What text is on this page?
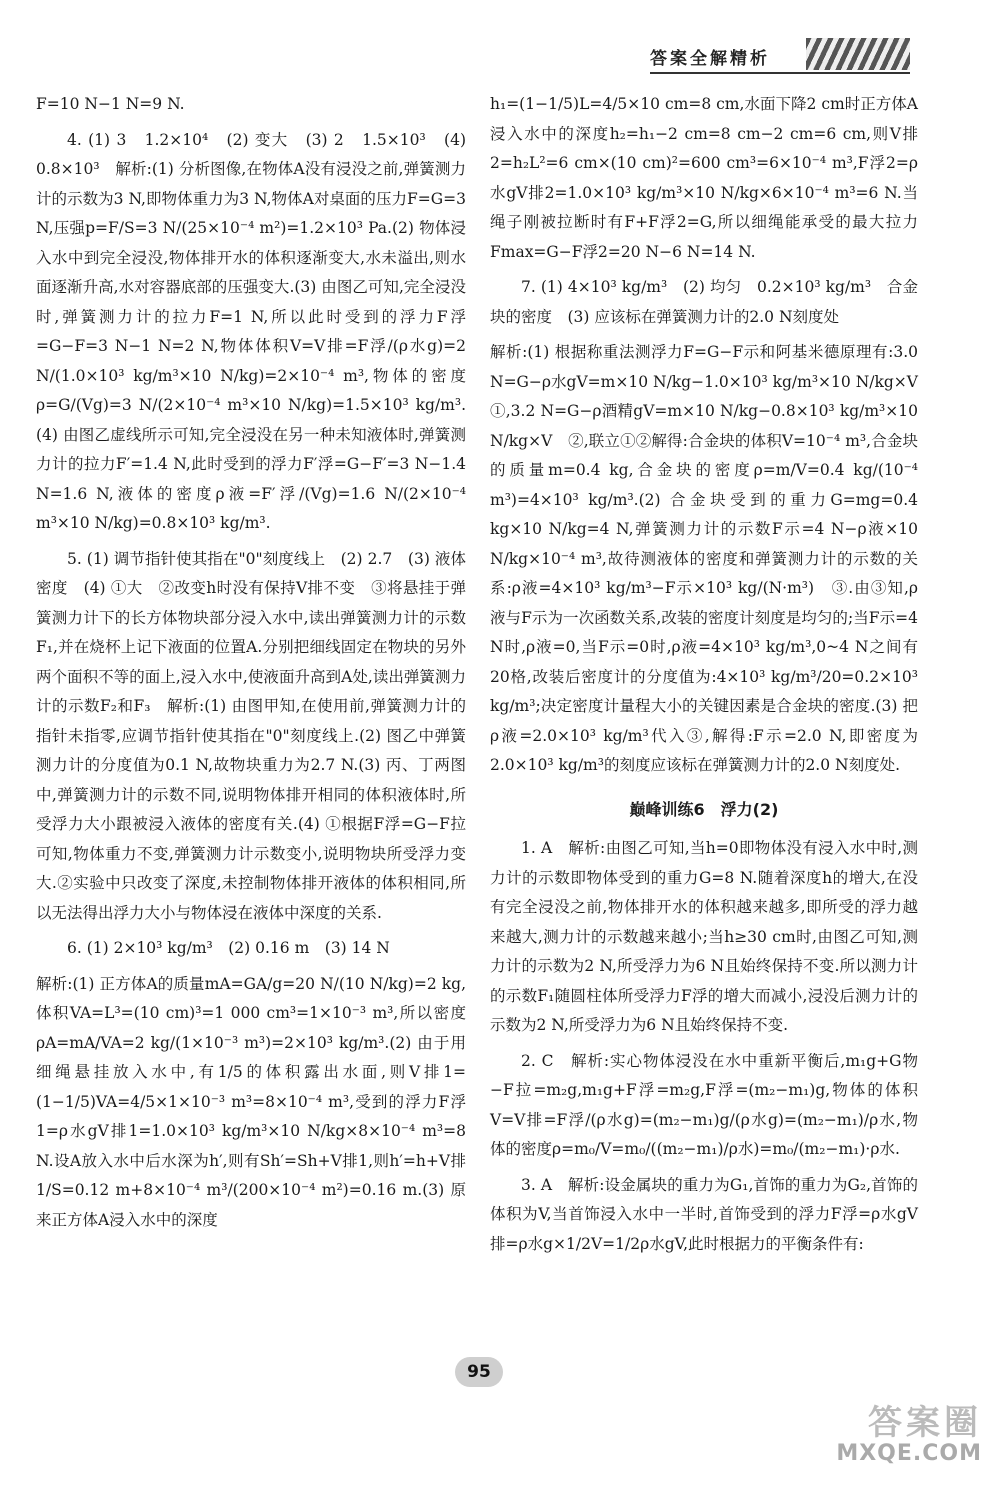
答案全解精析

F=10 N−1 N=9 N.

4. (1) 3　1.2×10⁴　(2) 变大　(3) 2　1.5×10³　(4) 0.8×10³　解析:(1) 分析图像,在物体A没有浸没之前,弹簧测力计的示数为3 N,即物体重力为3 N,物体A对桌面的压力F=G=3 N,压强p=F/S=3 N/(25×10⁻⁴ m²)=1.2×10³ Pa.(2) 物体浸入水中到完全浸没,物体排开水的体积逐渐变大,水未溢出,则水面逐渐升高,水对容器底部的压强变大.(3) 由图乙可知,完全浸没时,弹簧测力计的拉力F=1 N,所以此时受到的浮力F浮=G−F=3 N−1 N=2 N,物体体积V=V排=F浮/(ρ水g)=2 N/(1.0×10³ kg/m³×10 N/kg)=2×10⁻⁴ m³,物体的密度ρ=G/(Vg)=3 N/(2×10⁻⁴ m³×10 N/kg)=1.5×10³ kg/m³.(4) 由图乙虚线所示可知,完全浸没在另一种未知液体时,弹簧测力计的拉力F′=1.4 N,此时受到的浮力F′浮=G−F′=3 N−1.4 N=1.6 N,液体的密度ρ液=F′浮/(Vg)=1.6 N/(2×10⁻⁴ m³×10 N/kg)=0.8×10³ kg/m³.

5. (1) 调节指针使其指在"0"刻度线上　(2) 2.7　(3) 液体密度　(4) ①大　②改变h时没有保持V排不变　③将悬挂于弹簧测力计下的长方体物块部分浸入水中,读出弹簧测力计的示数F₁,并在烧杯上记下液面的位置A.分别把细线固定在物块的另外两个面积不等的面上,浸入水中,使液面升高到A处,读出弹簧测力计的示数F₂和F₃　解析:(1) 由图甲知,在使用前,弹簧测力计的指针未指零,应调节指针使其指在"0"刻度线上.(2) 图乙中弹簧测力计的分度值为0.1 N,故物块重力为2.7 N.(3) 丙、丁两图中,弹簧测力计的示数不同,说明物体排开相同的体积液体时,所受浮力大小跟被浸入液体的密度有关.(4) ①根据F浮=G−F拉可知,物体重力不变,弹簧测力计示数变小,说明物块所受浮力变大.②实验中只改变了深度,未控制物体排开液体的体积相同,所以无法得出浮力大小与物体浸在液体中深度的关系.

6. (1) 2×10³ kg/m³　(2) 0.16 m　(3) 14 N

解析:(1) 正方体A的质量mA=GA/g=20 N/(10 N/kg)=2 kg,体积VA=L³=(10 cm)³=1 000 cm³=1×10⁻³ m³,所以密度ρA=mA/VA=2 kg/(1×10⁻³ m³)=2×10³ kg/m³.(2) 由于用细绳悬挂放入水中,有1/5的体积露出水面,则V排1=(1−1/5)VA=4/5×1×10⁻³ m³=8×10⁻⁴ m³,受到的浮力F浮1=ρ水gV排1=1.0×10³ kg/m³×10 N/kg×8×10⁻⁴ m³=8 N.设A放入水中后水深为h′,则有Sh′=Sh+V排1,则h′=h+V排1/S=0.12 m+8×10⁻⁴ m³/(200×10⁻⁴ m²)=0.16 m.(3) 原来正方体A浸入水中的深度

h₁=(1−1/5)L=4/5×10 cm=8 cm,水面下降2 cm时正方体A浸入水中的深度h₂=h₁−2 cm=8 cm−2 cm=6 cm,则V排2=h₂L²=6 cm×(10 cm)²=600 cm³=6×10⁻⁴ m³,F浮2=ρ水gV排2=1.0×10³ kg/m³×10 N/kg×6×10⁻⁴ m³=6 N.当绳子刚被拉断时有F+F浮2=G,所以细绳能承受的最大拉力Fmax=G−F浮2=20 N−6 N=14 N.

7. (1) 4×10³ kg/m³　(2) 均匀　0.2×10³ kg/m³　合金块的密度　(3) 应该标在弹簧测力计的2.0 N刻度处

解析:(1) 根据称重法测浮力F=G−F示和阿基米德原理有:3.0 N=G−ρ水gV=m×10 N/kg−1.0×10³ kg/m³×10 N/kg×V　①,3.2 N=G−ρ酒精gV=m×10 N/kg−0.8×10³ kg/m³×10 N/kg×V　②,联立①②解得:合金块的体积V=10⁻⁴ m³,合金块的质量m=0.4 kg,合金块的密度ρ=m/V=0.4 kg/(10⁻⁴ m³)=4×10³ kg/m³.(2) 合金块受到的重力G=mg=0.4 kg×10 N/kg=4 N,弹簧测力计的示数F示=4 N−ρ液×10 N/kg×10⁻⁴ m³,故待测液体的密度和弹簧测力计的示数的关系:ρ液=4×10³ kg/m³−F示×10³ kg/(N·m³)　③.由③知,ρ液与F示为一次函数关系,改装的密度计刻度是均匀的;当F示=4 N时,ρ液=0,当F示=0时,ρ液=4×10³ kg/m³,0~4 N之间有20格,改装后密度计的分度值为:4×10³ kg/m³/20=0.2×10³ kg/m³;决定密度计量程大小的关键因素是合金块的密度.(3) 把ρ液=2.0×10³ kg/m³代入③,解得:F示=2.0 N,即密度为2.0×10³ kg/m³的刻度应该标在弹簧测力计的2.0 N刻度处.

巅峰训练6　浮力(2)

1. A　解析:由图乙可知,当h=0即物体没有浸入水中时,测力计的示数即物体受到的重力G=8 N.随着深度h的增大,在没有完全浸没之前,物体排开水的体积越来越多,即所受的浮力越来越大,测力计的示数越来越小;当h≥30 cm时,由图乙可知,测力计的示数为2 N,所受浮力为6 N且始终保持不变.所以测力计的示数F₁随圆柱体所受浮力F浮的增大而减小,浸没后测力计的示数为2 N,所受浮力为6 N且始终保持不变.

2. C　解析:实心物体浸没在水中重新平衡后,m₁g+G物−F拉=m₂g,m₁g+F浮=m₂g,F浮=(m₂−m₁)g,物体的体积V=V排=F浮/(ρ水g)=(m₂−m₁)g/(ρ水g)=(m₂−m₁)/ρ水,物体的密度ρ=m₀/V=m₀/((m₂−m₁)/ρ水)=m₀/(m₂−m₁)·ρ水.

3. A　解析:设金属块的重力为G₁,首饰的重力为G₂,首饰的体积为V,当首饰浸入水中一半时,首饰受到的浮力F浮=ρ水gV排=ρ水g×1/2V=1/2ρ水gV,此时根据力的平衡条件有:

95
答案圈
MXQE.COM
